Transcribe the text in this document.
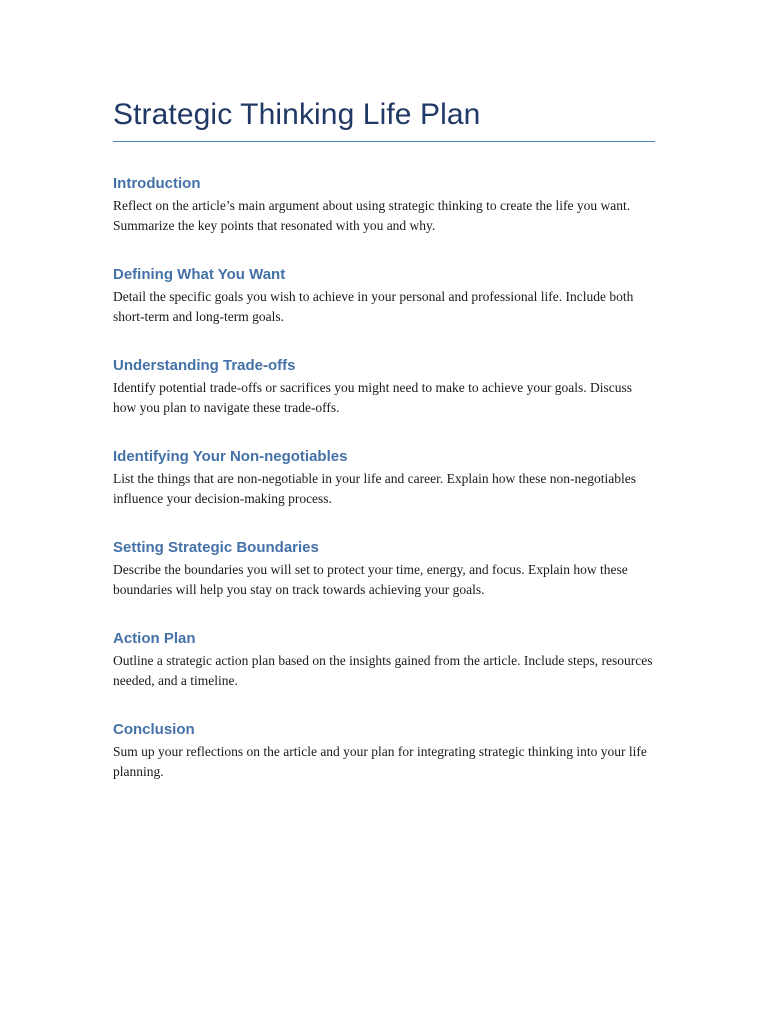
Strategic Thinking Life Plan
Introduction

Reflect on the article’s main argument about using strategic thinking to create the life you want. Summarize the key points that resonated with you and why.

Defining What You Want

Detail the specific goals you wish to achieve in your personal and professional life. Include both short-term and long-term goals.

Understanding Trade-offs

Identify potential trade-offs or sacrifices you might need to make to achieve your goals. Discuss how you plan to navigate these trade-offs.

Identifying Your Non-negotiables

List the things that are non-negotiable in your life and career. Explain how these non-negotiables influence your decision-making process.

Setting Strategic Boundaries

Describe the boundaries you will set to protect your time, energy, and focus. Explain how these boundaries will help you stay on track towards achieving your goals.

Action Plan

Outline a strategic action plan based on the insights gained from the article. Include steps, resources needed, and a timeline.

Conclusion

Sum up your reflections on the article and your plan for integrating strategic thinking into your life planning.
